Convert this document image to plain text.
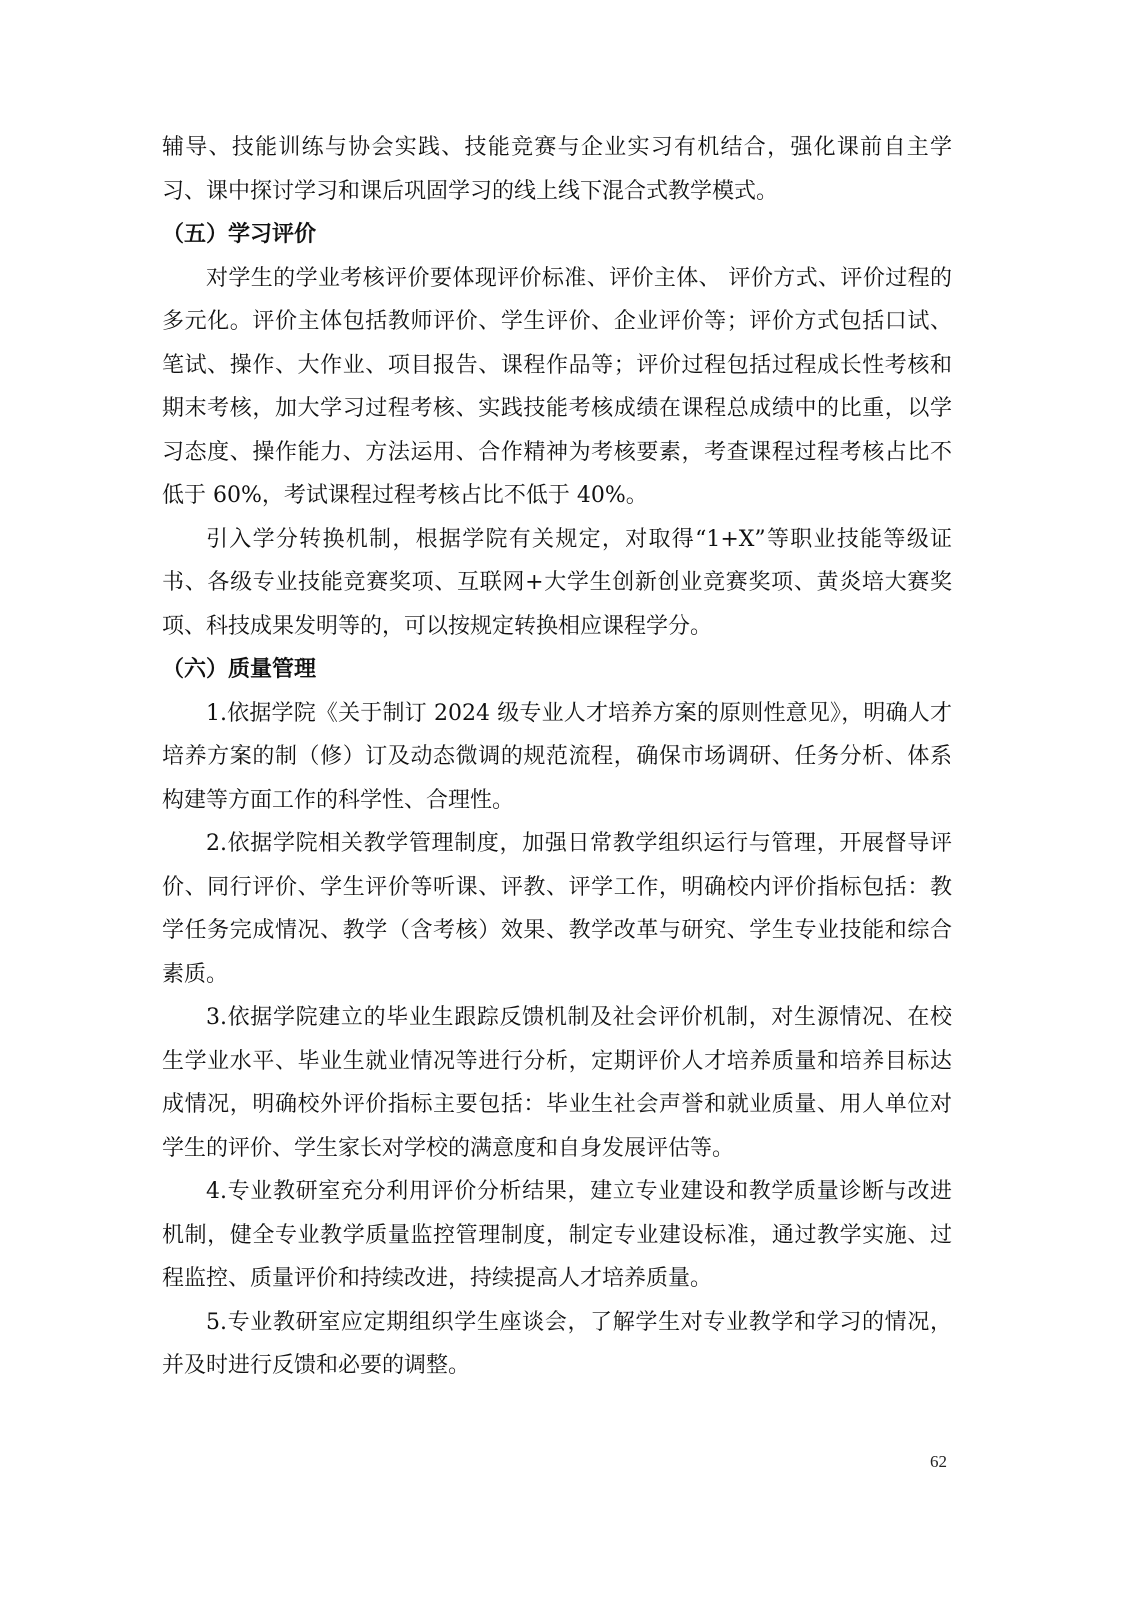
辅导、技能训练与协会实践、技能竞赛与企业实习有机结合，强化课前自主学习、课中探讨学习和课后巩固学习的线上线下混合式教学模式。

（五）学习评价

对学生的学业考核评价要体现评价标准、评价主体、 评价方式、评价过程的多元化。评价主体包括教师评价、学生评价、企业评价等；评价方式包括口试、笔试、操作、大作业、项目报告、课程作品等；评价过程包括过程成长性考核和期末考核，加大学习过程考核、实践技能考核成绩在课程总成绩中的比重，以学习态度、操作能力、方法运用、合作精神为考核要素，考查课程过程考核占比不低于 60%，考试课程过程考核占比不低于 40%。

引入学分转换机制，根据学院有关规定，对取得“1+X”等职业技能等级证书、各级专业技能竞赛奖项、互联网+大学生创新创业竞赛奖项、黄炎培大赛奖项、科技成果发明等的，可以按规定转换相应课程学分。

（六）质量管理

1.依据学院《关于制订 2024 级专业人才培养方案的原则性意见》，明确人才培养方案的制（修）订及动态微调的规范流程，确保市场调研、任务分析、体系构建等方面工作的科学性、合理性。

2.依据学院相关教学管理制度，加强日常教学组织运行与管理，开展督导评价、同行评价、学生评价等听课、评教、评学工作，明确校内评价指标包括：教学任务完成情况、教学（含考核）效果、教学改革与研究、学生专业技能和综合素质。

3.依据学院建立的毕业生跟踪反馈机制及社会评价机制，对生源情况、在校生学业水平、毕业生就业情况等进行分析，定期评价人才培养质量和培养目标达成情况，明确校外评价指标主要包括：毕业生社会声誉和就业质量、用人单位对学生的评价、学生家长对学校的满意度和自身发展评估等。

4.专业教研室充分利用评价分析结果，建立专业建设和教学质量诊断与改进机制，健全专业教学质量监控管理制度，制定专业建设标准，通过教学实施、过程监控、质量评价和持续改进，持续提高人才培养质量。

5.专业教研室应定期组织学生座谈会，了解学生对专业教学和学习的情况，并及时进行反馈和必要的调整。

62
